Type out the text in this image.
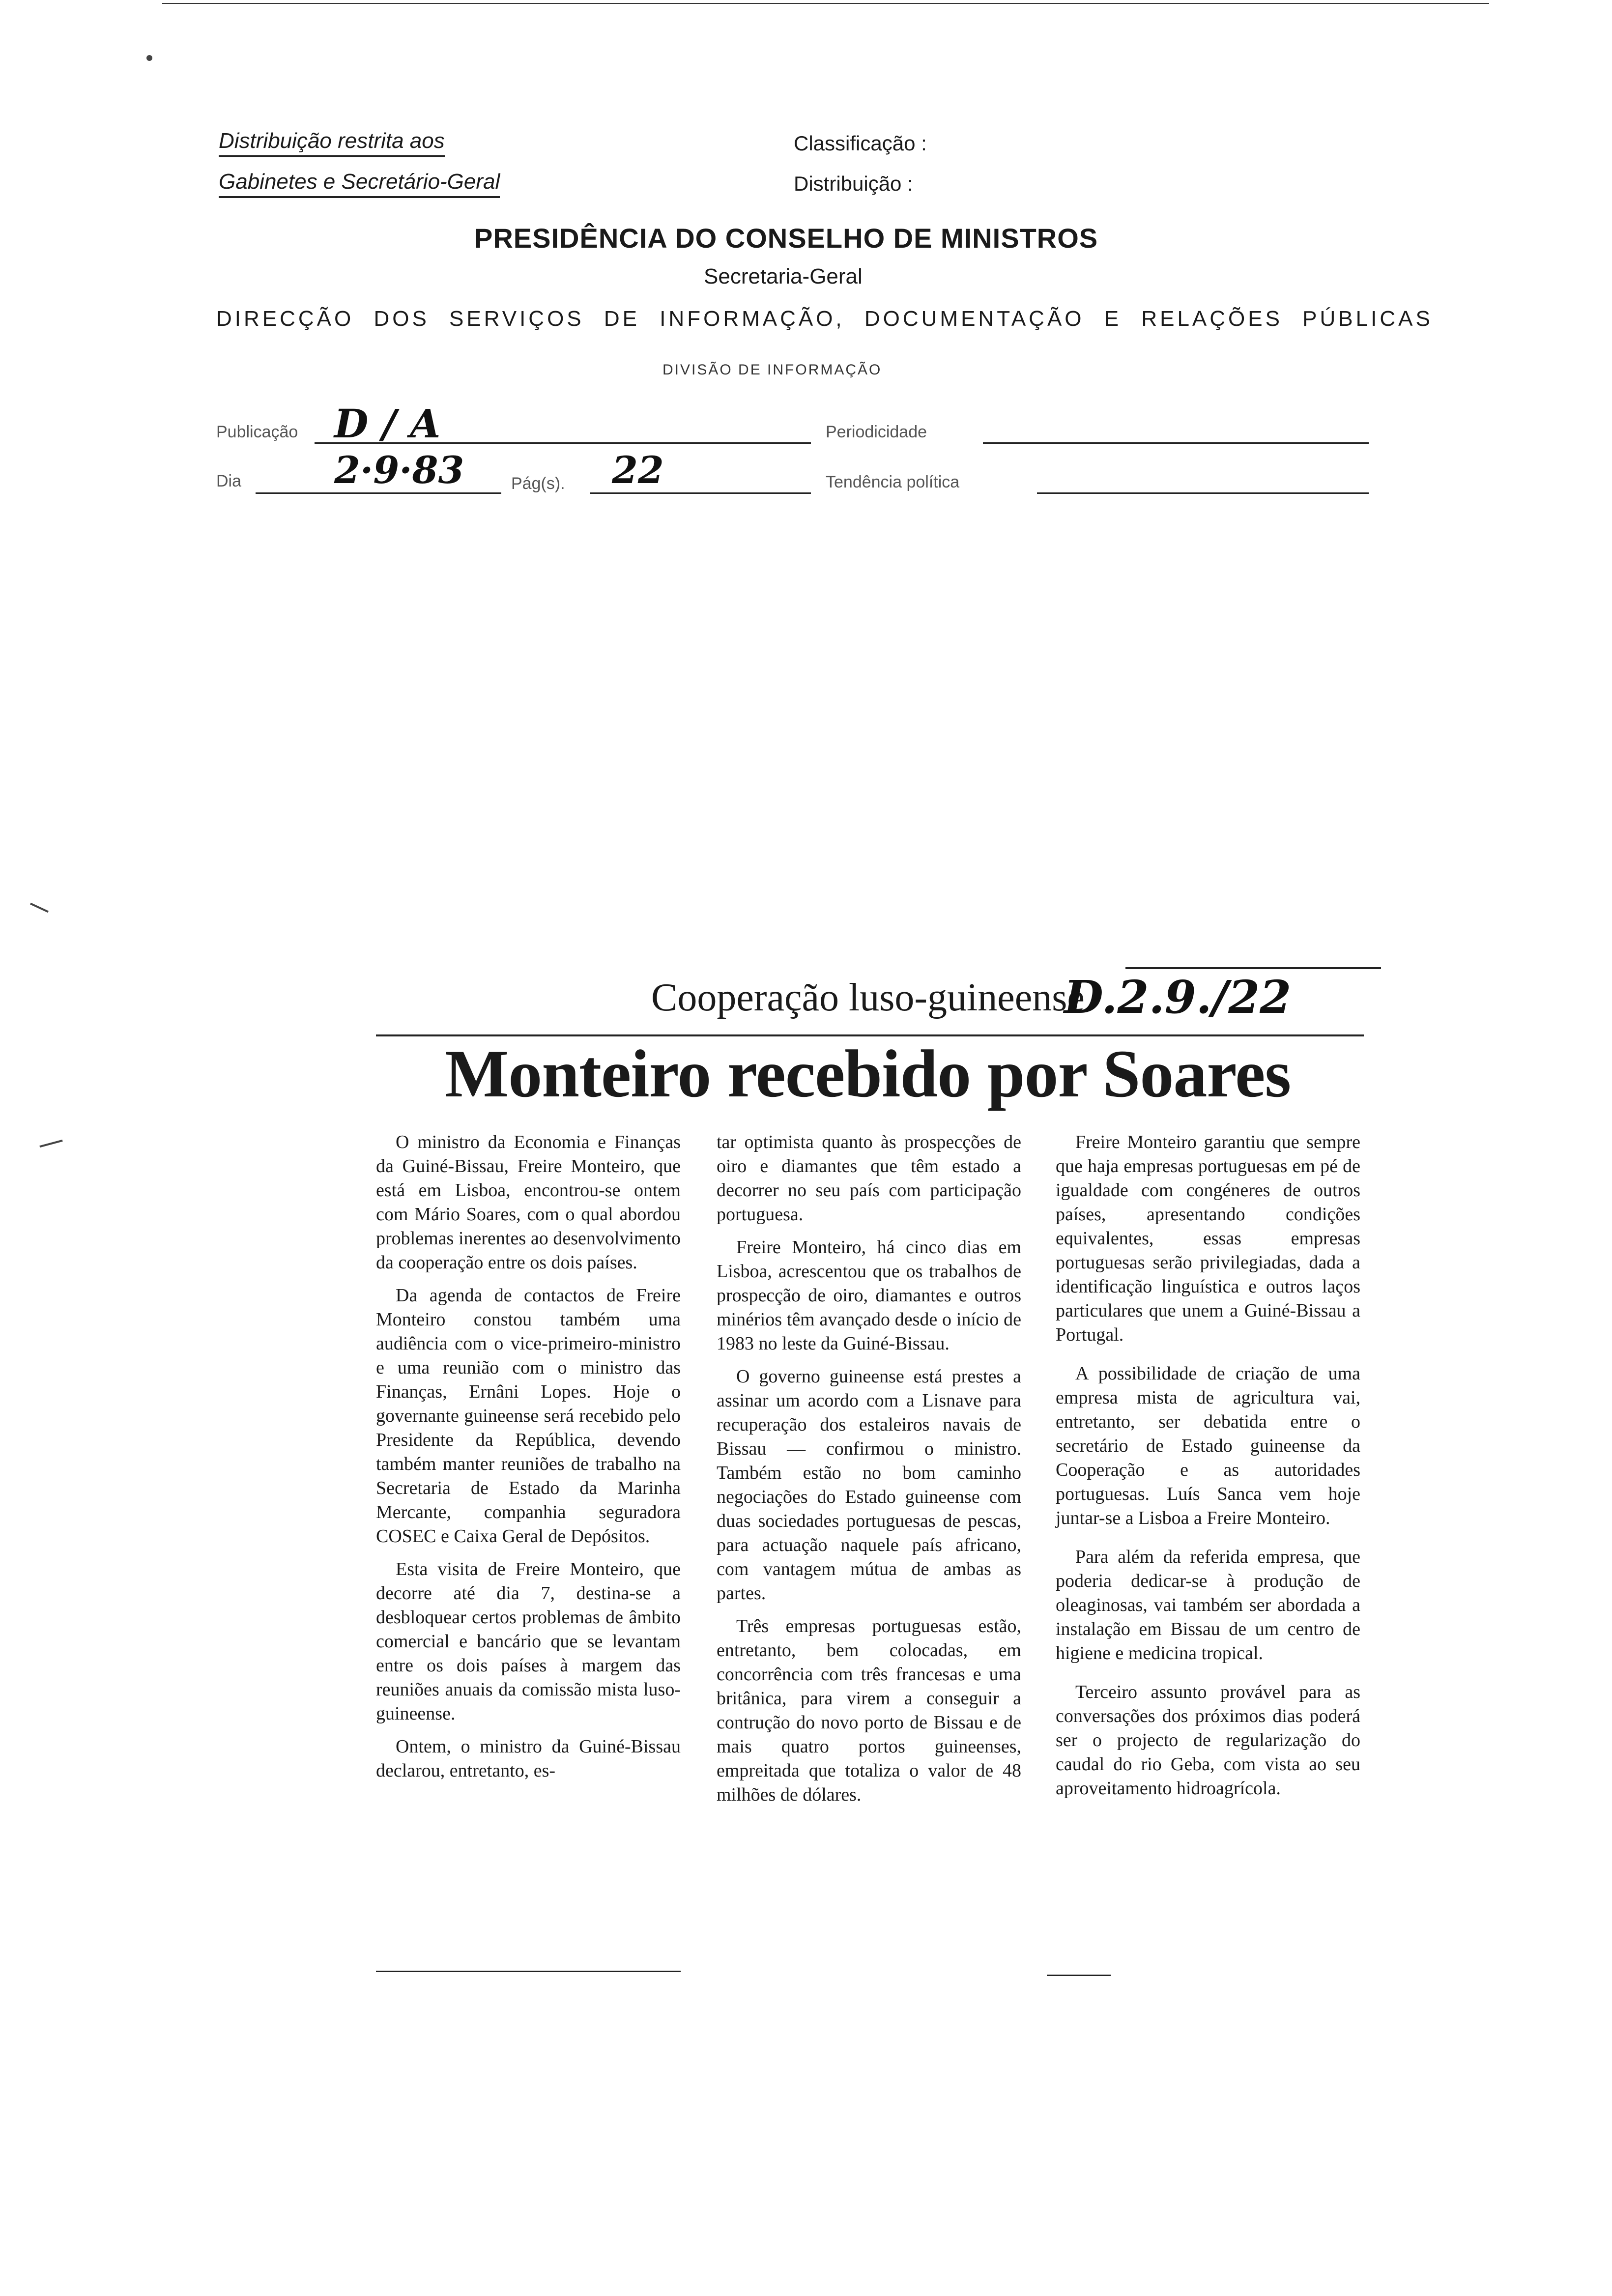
Distribuição restrita aos
Gabinetes e Secretário-Geral
Classificação :
Distribuição :
PRESIDÊNCIA DO CONSELHO DE MINISTROS
Secretaria-Geral
DIRECÇÃO DOS SERVIÇOS DE INFORMAÇÃO, DOCUMENTAÇÃO E RELAÇÕES PÚBLICAS
DIVISÃO DE INFORMAÇÃO
Publicação D / A	Periodicidade
Dia 2·9·83	Pág(s). 22	Tendência política
Cooperação luso-guineense
D.2.9./22
Monteiro recebido por Soares

O ministro da Economia e Finanças da Guiné-Bissau, Freire Monteiro, que está em Lisboa, encontrou-se ontem com Mário Soares, com o qual abordou problemas inerentes ao desenvolvimento da cooperação entre os dois países.

Da agenda de contactos de Freire Monteiro constou também uma audiência com o vice-primeiro-ministro e uma reunião com o ministro das Finanças, Ernâni Lopes. Hoje o governante guineense será recebido pelo Presidente da República, devendo também manter reuniões de trabalho na Secretaria de Estado da Marinha Mercante, companhia seguradora COSEC e Caixa Geral de Depósitos.

Esta visita de Freire Monteiro, que decorre até dia 7, destina-se a desbloquear certos problemas de âmbito comercial e bancário que se levantam entre os dois países à margem das reuniões anuais da comissão mista luso-guineense.

Ontem, o ministro da Guiné-Bissau declarou, entretanto, es-

tar optimista quanto às prospecções de oiro e diamantes que têm estado a decorrer no seu país com participação portuguesa.

Freire Monteiro, há cinco dias em Lisboa, acrescentou que os trabalhos de prospecção de oiro, diamantes e outros minérios têm avançado desde o início de 1983 no leste da Guiné-Bissau.

O governo guineense está prestes a assinar um acordo com a Lisnave para recuperação dos estaleiros navais de Bissau — confirmou o ministro. Também estão no bom caminho negociações do Estado guineense com duas sociedades portuguesas de pescas, para actuação naquele país africano, com vantagem mútua de ambas as partes.

Três empresas portuguesas estão, entretanto, bem colocadas, em concorrência com três francesas e uma britânica, para virem a conseguir a contrução do novo porto de Bissau e de mais quatro portos guineenses, empreitada que totaliza o valor de 48 milhões de dólares.

Freire Monteiro garantiu que sempre que haja empresas portuguesas em pé de igualdade com congéneres de outros países, apresentando condições equivalentes, essas empresas portuguesas serão privilegiadas, dada a identificação linguística e outros laços particulares que unem a Guiné-Bissau a Portugal.

A possibilidade de criação de uma empresa mista de agricultura vai, entretanto, ser debatida entre o secretário de Estado guineense da Cooperação e as autoridades portuguesas. Luís Sanca vem hoje juntar-se a Lisboa a Freire Monteiro.

Para além da referida empresa, que poderia dedicar-se à produção de oleaginosas, vai também ser abordada a instalação em Bissau de um centro de higiene e medicina tropical.

Terceiro assunto provável para as conversações dos próximos dias poderá ser o projecto de regularização do caudal do rio Geba, com vista ao seu aproveitamento hidroagrícola.
